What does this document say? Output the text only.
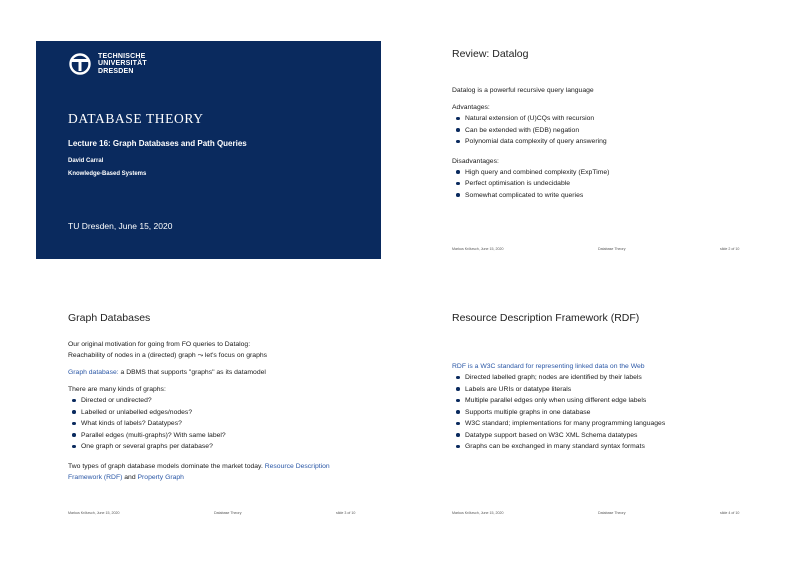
TECHNISCHE
UNIVERSITÄT
DRESDEN
DATABASE THEORY
Lecture 16: Graph Databases and Path Queries
David Carral
Knowledge-Based Systems
TU Dresden, June 15, 2020
Review: Datalog
Datalog is a powerful recursive query language
Advantages:
Natural extension of (U)CQs with recursion
Can be extended with (EDB) negation
Polynomial data complexity of query answering
Disadvantages:
High query and combined complexity (ExpTime)
Perfect optimisation is undecidable
Somewhat complicated to write queries
Markus Krötzsch, June 15, 2020	Database Theory	slide 2 of 10
Graph Databases
Our original motivation for going from FO queries to Datalog:
Reachability of nodes in a (directed) graph ⤳ let's focus on graphs
Graph database: a DBMS that supports "graphs" as its datamodel
There are many kinds of graphs:
Directed or undirected?
Labelled or unlabelled edges/nodes?
What kinds of labels? Datatypes?
Parallel edges (multi-graphs)? With same label?
One graph or several graphs per database?
Two types of graph database models dominate the market today. Resource Description
Framework (RDF) and Property Graph
Markus Krötzsch, June 15, 2020	Database Theory	slide 3 of 10
Resource Description Framework (RDF)
RDF is a W3C standard for representing linked data on the Web
Directed labelled graph; nodes are identified by their labels
Labels are URIs or datatype literals
Multiple parallel edges only when using different edge labels
Supports multiple graphs in one database
W3C standard; implementations for many programming languages
Datatype support based on W3C XML Schema datatypes
Graphs can be exchanged in many standard syntax formats
Markus Krötzsch, June 15, 2020	Database Theory	slide 4 of 10
